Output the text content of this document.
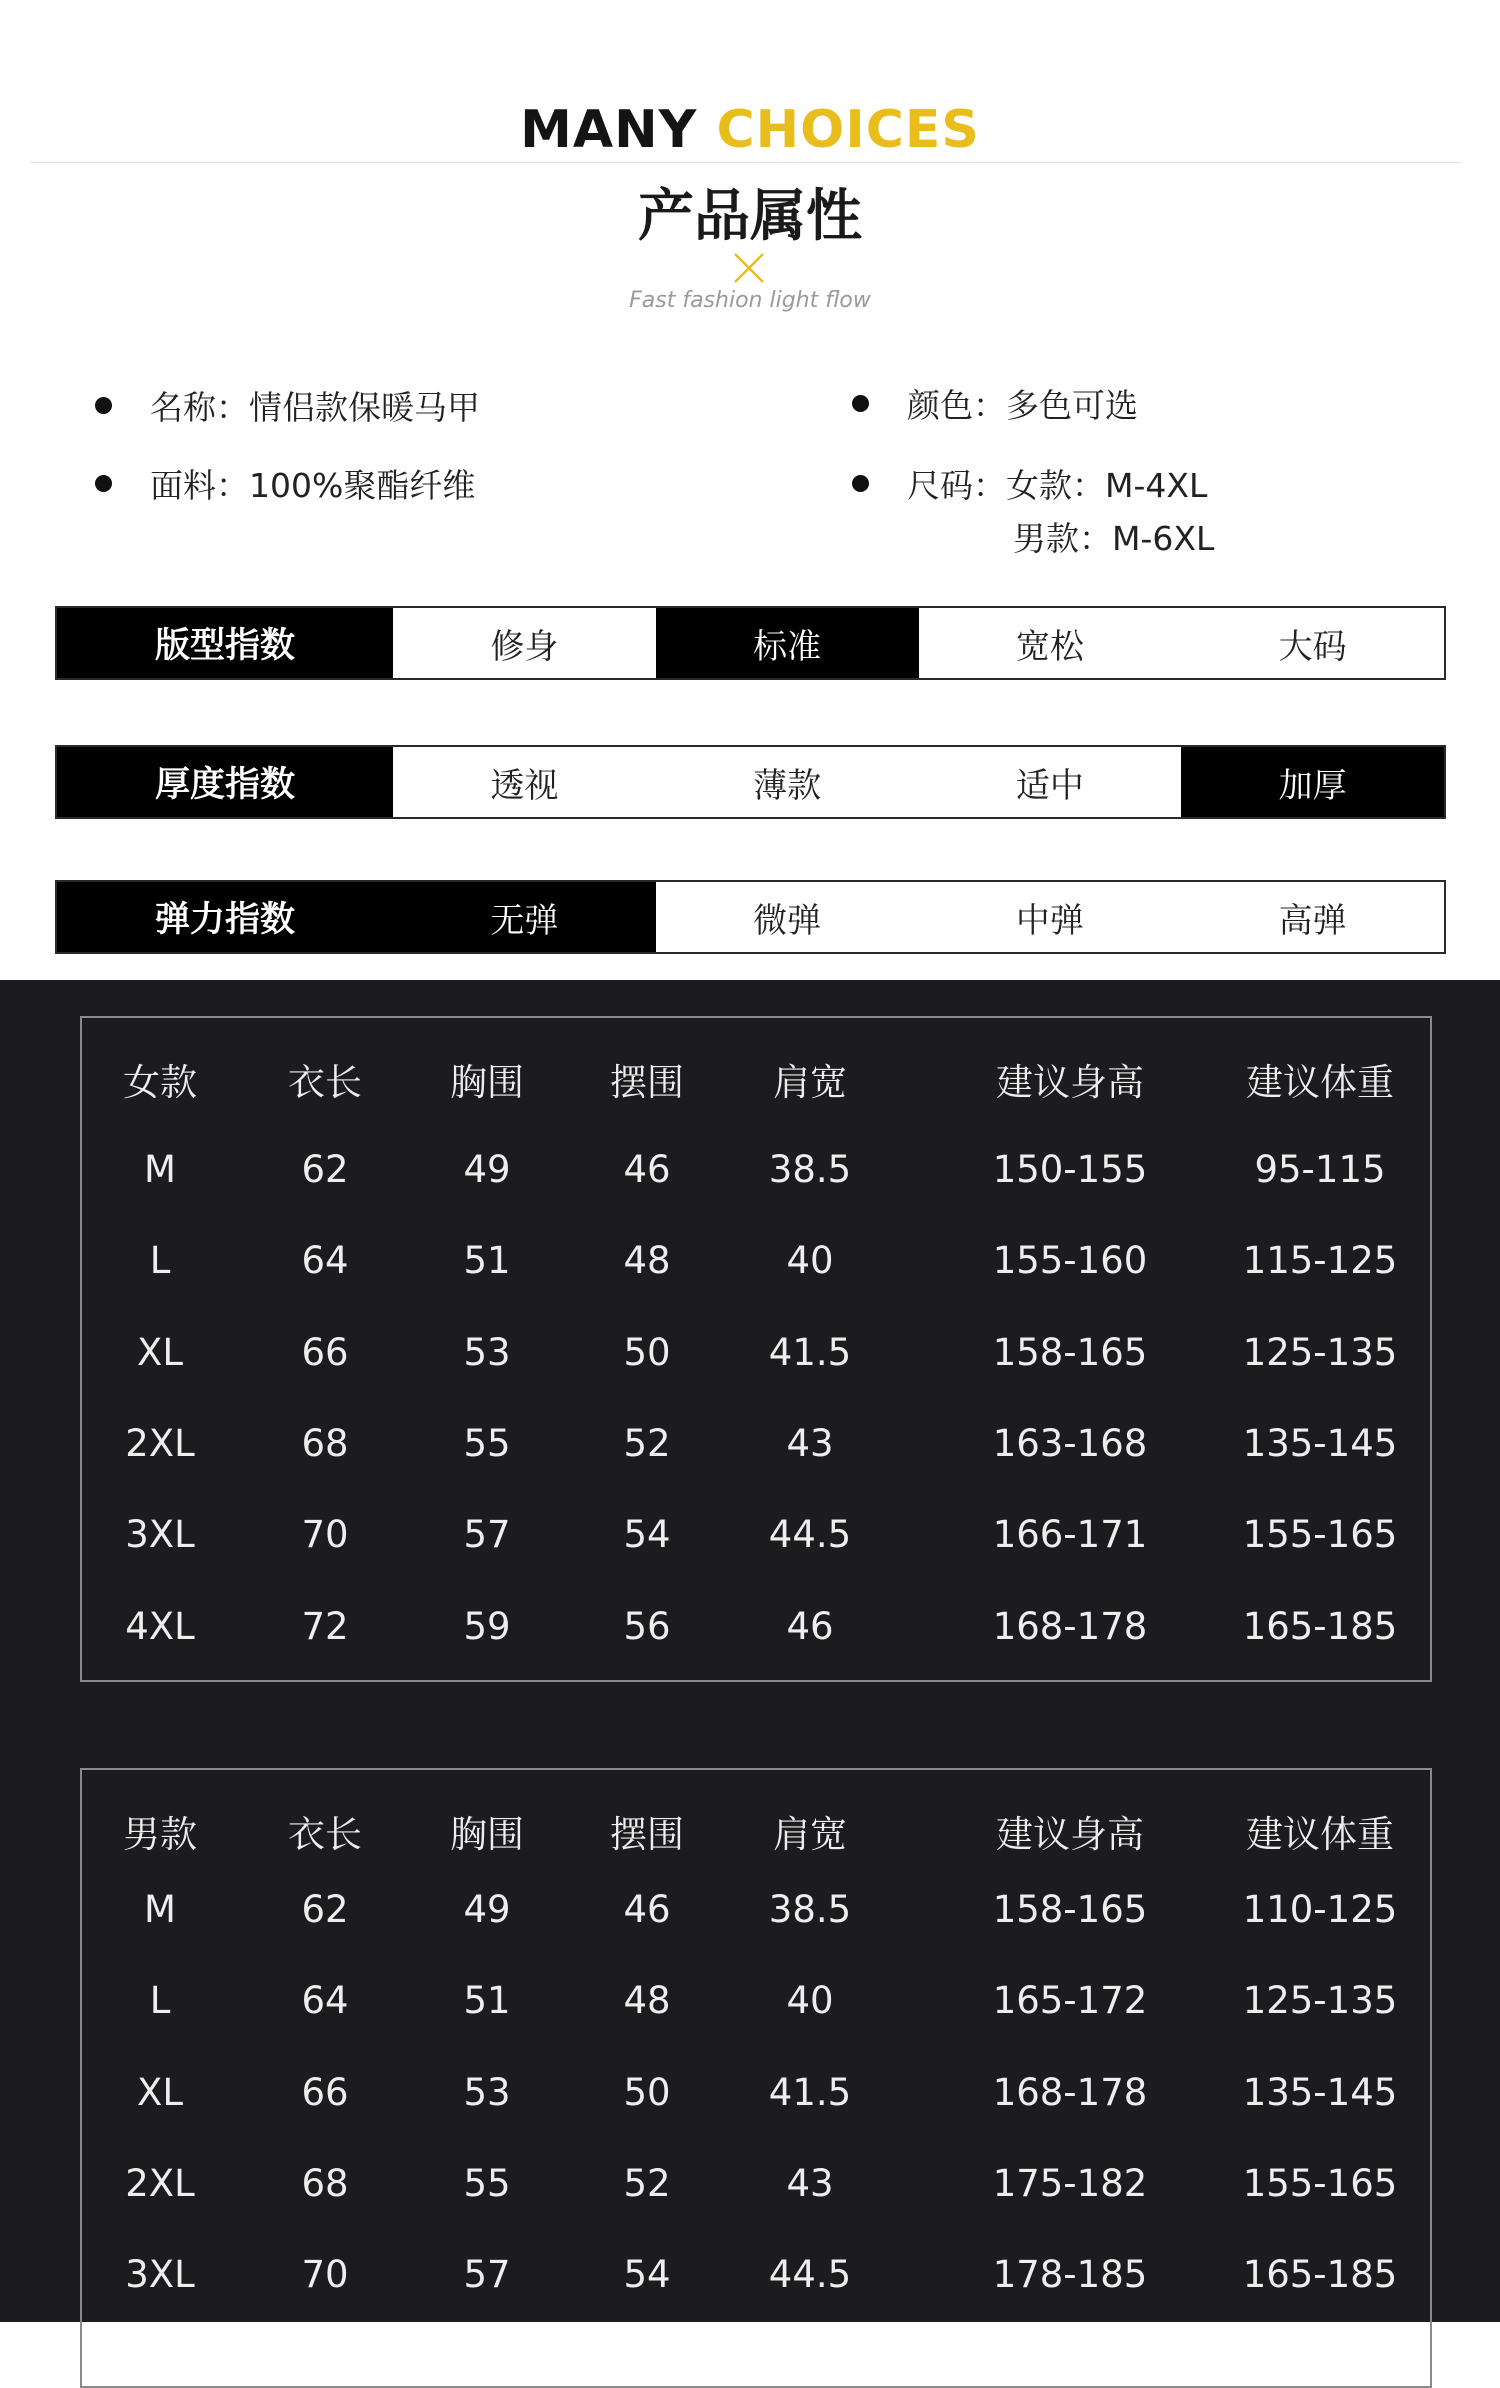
MANY CHOICES
产品属性
Fast fashion light flow
名称：情侣款保暖马甲
面料：100%聚酯纤维
颜色：多色可选
尺码：女款：M-4XL
男款：M-6XL
版型指数	修身	标准	宽松	大码
厚度指数	透视	薄款	适中	加厚
弹力指数	无弹	微弹	中弹	高弹
女款	衣长	胸围	摆围	肩宽	建议身高	建议体重
M	62	49	46	38.5	150-155	95-115
L	64	51	48	40	155-160	115-125
XL	66	53	50	41.5	158-165	125-135
2XL	68	55	52	43	163-168	135-145
3XL	70	57	54	44.5	166-171	155-165
4XL	72	59	56	46	168-178	165-185
男款	衣长	胸围	摆围	肩宽	建议身高	建议体重
M	62	49	46	38.5	158-165	110-125
L	64	51	48	40	165-172	125-135
XL	66	53	50	41.5	168-178	135-145
2XL	68	55	52	43	175-182	155-165
3XL	70	57	54	44.5	178-185	165-185
